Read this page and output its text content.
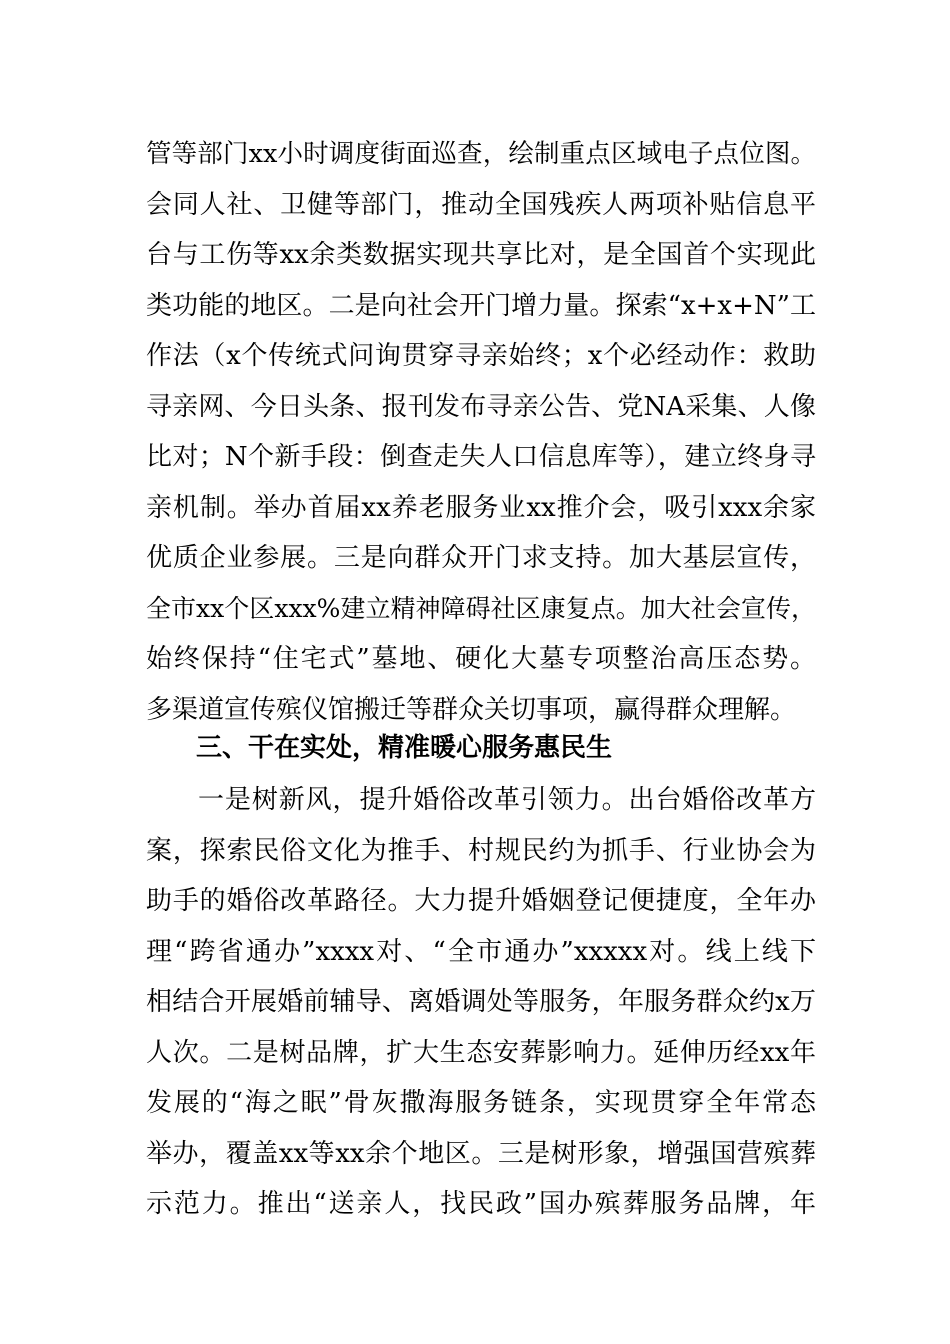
管等部门xx小时调度街面巡查，绘制重点区域电子点位图。
会同人社、卫健等部门，推动全国残疾人两项补贴信息平
台与工伤等xx余类数据实现共享比对，是全国首个实现此
类功能的地区。二是向社会开门增力量。探索“x+x+N”工
作法（x个传统式问询贯穿寻亲始终；x个必经动作：救助
寻亲网、今日头条、报刊发布寻亲公告、党NA采集、人像
比对；N个新手段：倒查走失人口信息库等），建立终身寻
亲机制。举办首届xx养老服务业xx推介会，吸引xxx余家
优质企业参展。三是向群众开门求支持。加大基层宣传，
全市xx个区xxx%建立精神障碍社区康复点。加大社会宣传，
始终保持“住宅式”墓地、硬化大墓专项整治高压态势。
多渠道宣传殡仪馆搬迁等群众关切事项，赢得群众理解。
三、干在实处，精准暖心服务惠民生
一是树新风，提升婚俗改革引领力。出台婚俗改革方
案，探索民俗文化为推手、村规民约为抓手、行业协会为
助手的婚俗改革路径。大力提升婚姻登记便捷度，全年办
理“跨省通办”xxxx对、“全市通办”xxxxx对。线上线下
相结合开展婚前辅导、离婚调处等服务，年服务群众约x万
人次。二是树品牌，扩大生态安葬影响力。延伸历经xx年
发展的“海之眠”骨灰撒海服务链条，实现贯穿全年常态
举办，覆盖xx等xx余个地区。三是树形象，增强国营殡葬
示范力。推出“送亲人，找民政”国办殡葬服务品牌，年
